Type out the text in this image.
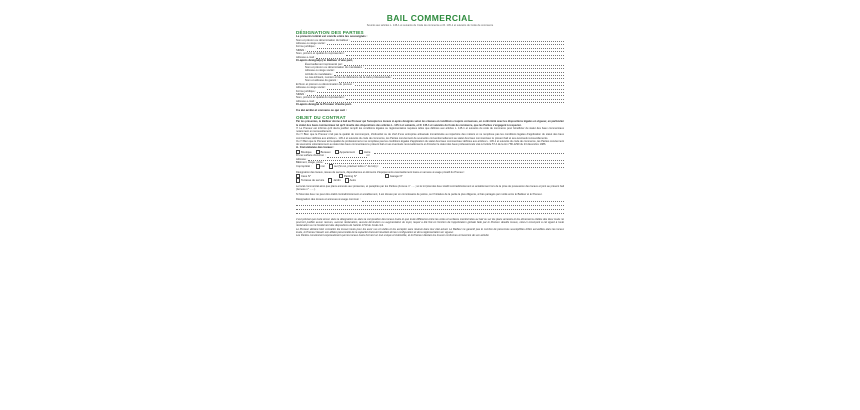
BAIL COMMERCIAL
Soumis aux articles L. 145-1 et suivants du Code de commerce et R. 145-1 et suivants du Code de commerce
DÉSIGNATION DES PARTIES
Le présent contrat est conclu entre les soussignés :
Nom et prénom ou dénomination du bailleur :
Adresse ou siège social :
Forme juridique :
SIREN :
Nom, prénom et qualité du représentant :
Adresse e-mail :
Ci-après désigné(e) le Bailleur d'une part,
Éventuellement représenté par :
Nom et prénom ou dénomination du mandataire :
Adresse ou siège social :
Activité du mandataire :
Le cas échéant, numéro et lieu de délivrance de la carte professionnelle :
Nom et adresse du garant :
Et Nom et prénom ou dénomination du preneur :
Adresse ou siège social :
Forme juridique :
SIREN :
Nom, prénom et qualité du représentant :
Adresse e-mail :
Ci-après désigné le Preneur d'autre part.
Il a été arrêté et convenu ce qui suit :
OBJET DU CONTRAT
Par les présentes, le Bailleur donne à bail au Preneur qui l'accepte les locaux ci-après désignés selon les clauses et conditions ci-après convenues, en conformité avec les dispositions légales en vigueur, en particulier le statut des baux commerciaux tel qu'il résulte des dispositions des articles L. 145-1 et suivants, et R. 145-1 et suivants du Code de commerce, que les Parties s'engagent à respecter.
☐ Le Preneur est informé qu'il devra justifier remplir les conditions légales ou réglementaires requises telles que définies aux articles L. 145-1 et suivants du code de commerce pour bénéficier du statut des baux commerciaux notamment en renouvellement.
Ou ☐ Bien que le Preneur n'ait pas la qualité de commerçant, d'industriel ou de chef d'une entreprise artisanale immatriculée au répertoire des métiers et ne remplisse pas les conditions légales d'application du statut des baux commerciaux définies aux articles L. 145-1 et suivants du code de commerce, les Parties conviennent de soumettre conventionnellement au statut des baux commerciaux le présent bail et ses éventuels renouvellements.
Ou ☐ Bien que le Preneur ait la qualité de professionnel et ne remplisse pas les conditions légales d'application du statut des baux commerciaux définies aux articles L. 145-1 et suivants du code de commerce, les Parties conviennent de soumettre volontairement au statut des baux commerciaux le présent bail et ses éventuels renouvellements et d'écarter le statut des baux professionnels visé à l'article 57 A de la loi n°86-1290 du 23 décembre 1986.
A. Consistance des locaux :
Boutique	Bureaux	Appartement	Autre
D'une surface d'environ :	m²
Adresse :
Bâtiment, étage, porte :
Copropriété :	non	oui (Si oui, préciser lettre n° de lot(s) :
Désignation des locaux, issues de secours, dépendances et éléments d'équipements éventuellement loués en annexe à usage privatif du Preneur :
Cave N°	Parking N°	Garage N°
Terrasse de service	Jardin	Autre
Le local commercial ainsi que plans annexés aux présentes, et paraphés par les Parties (Annexe n° ......) et le lot (état des lieux établi contradictoirement et amiablement lors de la prise de possession des locaux et joint au présent bail (Annexe n° ......).
Si l'état des lieux ne peut être établi contradictoirement et amiablement, il est dressé par un commissaire de justice, sur l'initiative de la partie la plus diligente, à frais partagés par moitié entre le Bailleur et le Preneur.
Désignation des locaux et annexes à usage commun :
Il est précisé que toute erreur dans la désignation ou dans la composition des locaux loués et que toute différence entre les cotes et surfaces mentionnées au bail ou sur les plans annexés et les dimensions réelles des lieux loués ne pourront justifier aucun recours, aucune réclamation, aucune diminution ou augmentation du loyer, lequel a été fixé en fonction de l'appréciation globale faite par le Preneur desdits locaux, celui-ci renonçant à cet égard à toute réclamation sur le fondement des dispositions de l'article 1719 du Code civil.
Le Preneur déclare bien connaître les locaux loués pour les avoir vus et visités et les accepter sans réserve dans leur état actuel. Le Bailleur ne garantit pas le nombre de personnes susceptibles d'être accueillies dans les locaux loués, le Preneur faisant son affaire personnelle de la capacité d'accueil résultant de leur configuration et de la réglementation en vigueur.
Les Parties conviennent expressément que les locaux loués forment un tout unique et indivisible, et le Preneur déclare les trouver conformes à l'exercice de son activité.
